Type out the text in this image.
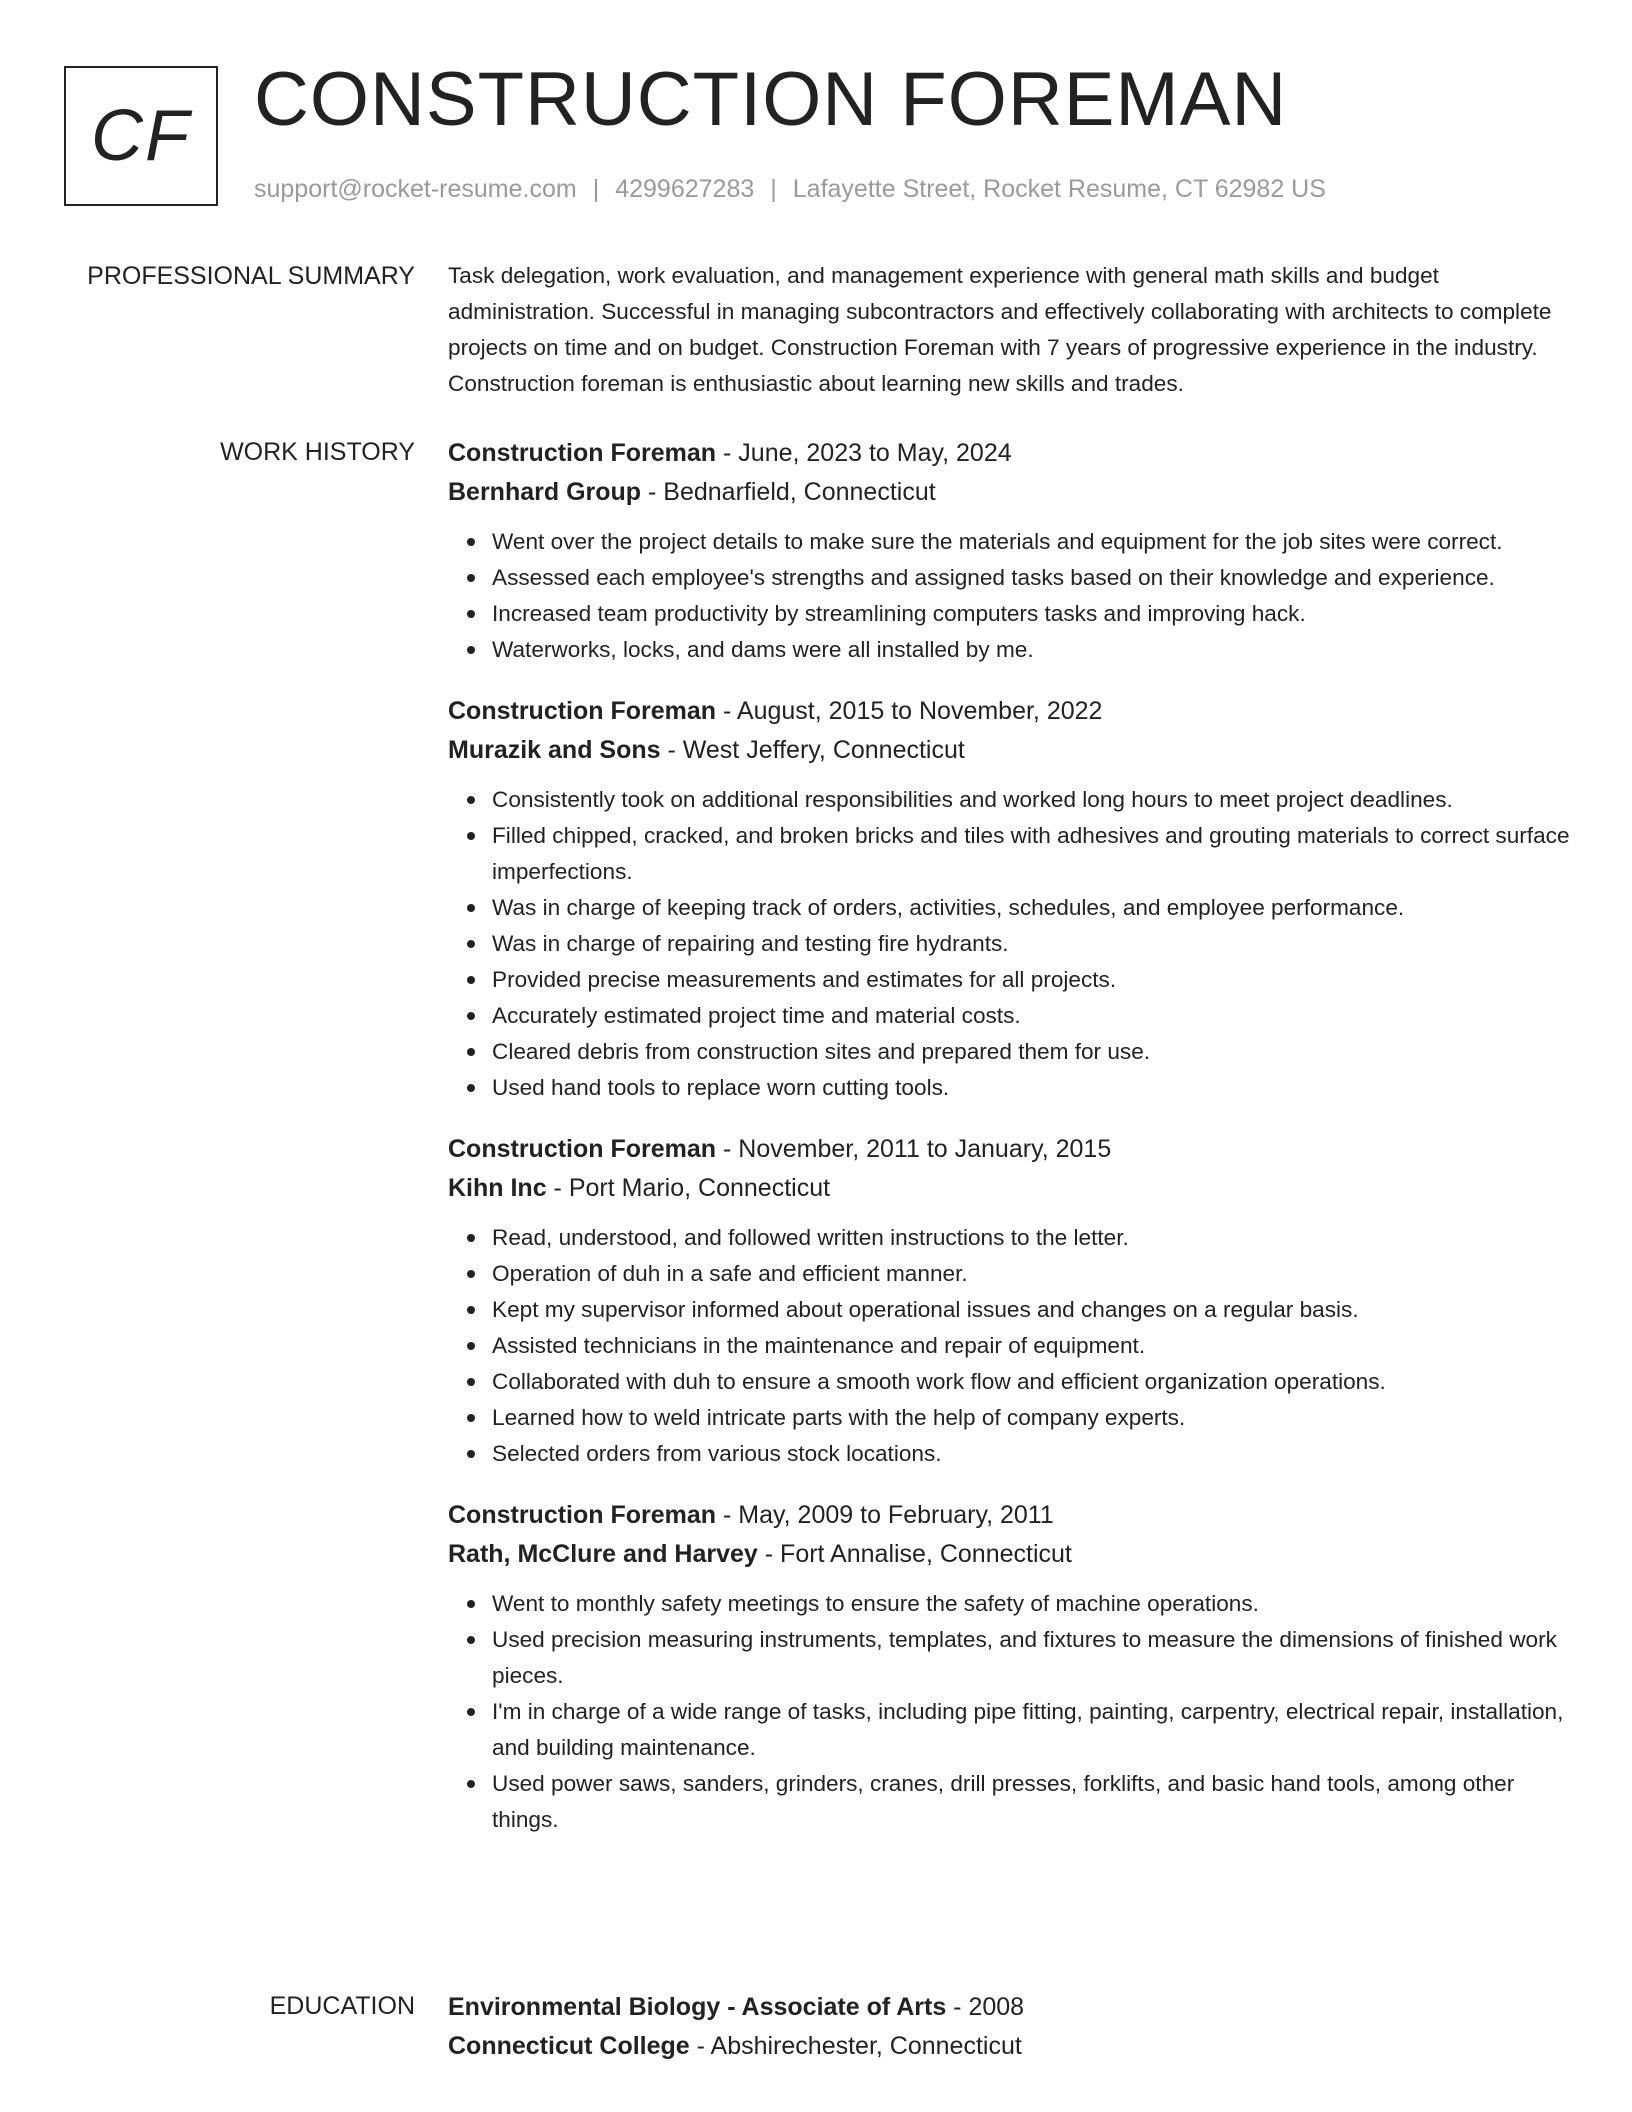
CF CONSTRUCTION FOREMAN
support@rocket-resume.com | 4299627283 | Lafayette Street, Rocket Resume, CT 62982 US
PROFESSIONAL SUMMARY Task delegation, work evaluation, and management experience with general math skills and budget administration. Successful in managing subcontractors and effectively collaborating with architects to complete projects on time and on budget. Construction Foreman with 7 years of progressive experience in the industry. Construction foreman is enthusiastic about learning new skills and trades.

WORK HISTORY Construction Foreman - June, 2023 to May, 2024

Bernhard Group - Bednarfield, Connecticut

Went over the project details to make sure the materials and equipment for the job sites were correct.
Assessed each employee's strengths and assigned tasks based on their knowledge and experience.
Increased team productivity by streamlining computers tasks and improving hack.
Waterworks, locks, and dams were all installed by me.

Construction Foreman - August, 2015 to November, 2022

Murazik and Sons - West Jeffery, Connecticut

Consistently took on additional responsibilities and worked long hours to meet project deadlines.
Filled chipped, cracked, and broken bricks and tiles with adhesives and grouting materials to correct surface imperfections.
Was in charge of keeping track of orders, activities, schedules, and employee performance.
Was in charge of repairing and testing fire hydrants.
Provided precise measurements and estimates for all projects.
Accurately estimated project time and material costs.
Cleared debris from construction sites and prepared them for use.
Used hand tools to replace worn cutting tools.

Construction Foreman - November, 2011 to January, 2015

Kihn Inc - Port Mario, Connecticut

Read, understood, and followed written instructions to the letter.
Operation of duh in a safe and efficient manner.
Kept my supervisor informed about operational issues and changes on a regular basis.
Assisted technicians in the maintenance and repair of equipment.
Collaborated with duh to ensure a smooth work flow and efficient organization operations.
Learned how to weld intricate parts with the help of company experts.
Selected orders from various stock locations.

Construction Foreman - May, 2009 to February, 2011

Rath, McClure and Harvey - Fort Annalise, Connecticut

Went to monthly safety meetings to ensure the safety of machine operations.
Used precision measuring instruments, templates, and fixtures to measure the dimensions of finished work pieces.
I'm in charge of a wide range of tasks, including pipe fitting, painting, carpentry, electrical repair, installation, and building maintenance.
Used power saws, sanders, grinders, cranes, drill presses, forklifts, and basic hand tools, among other things.
EDUCATION Environmental Biology - Associate of Arts - 2008

Connecticut College - Abshirechester, Connecticut
